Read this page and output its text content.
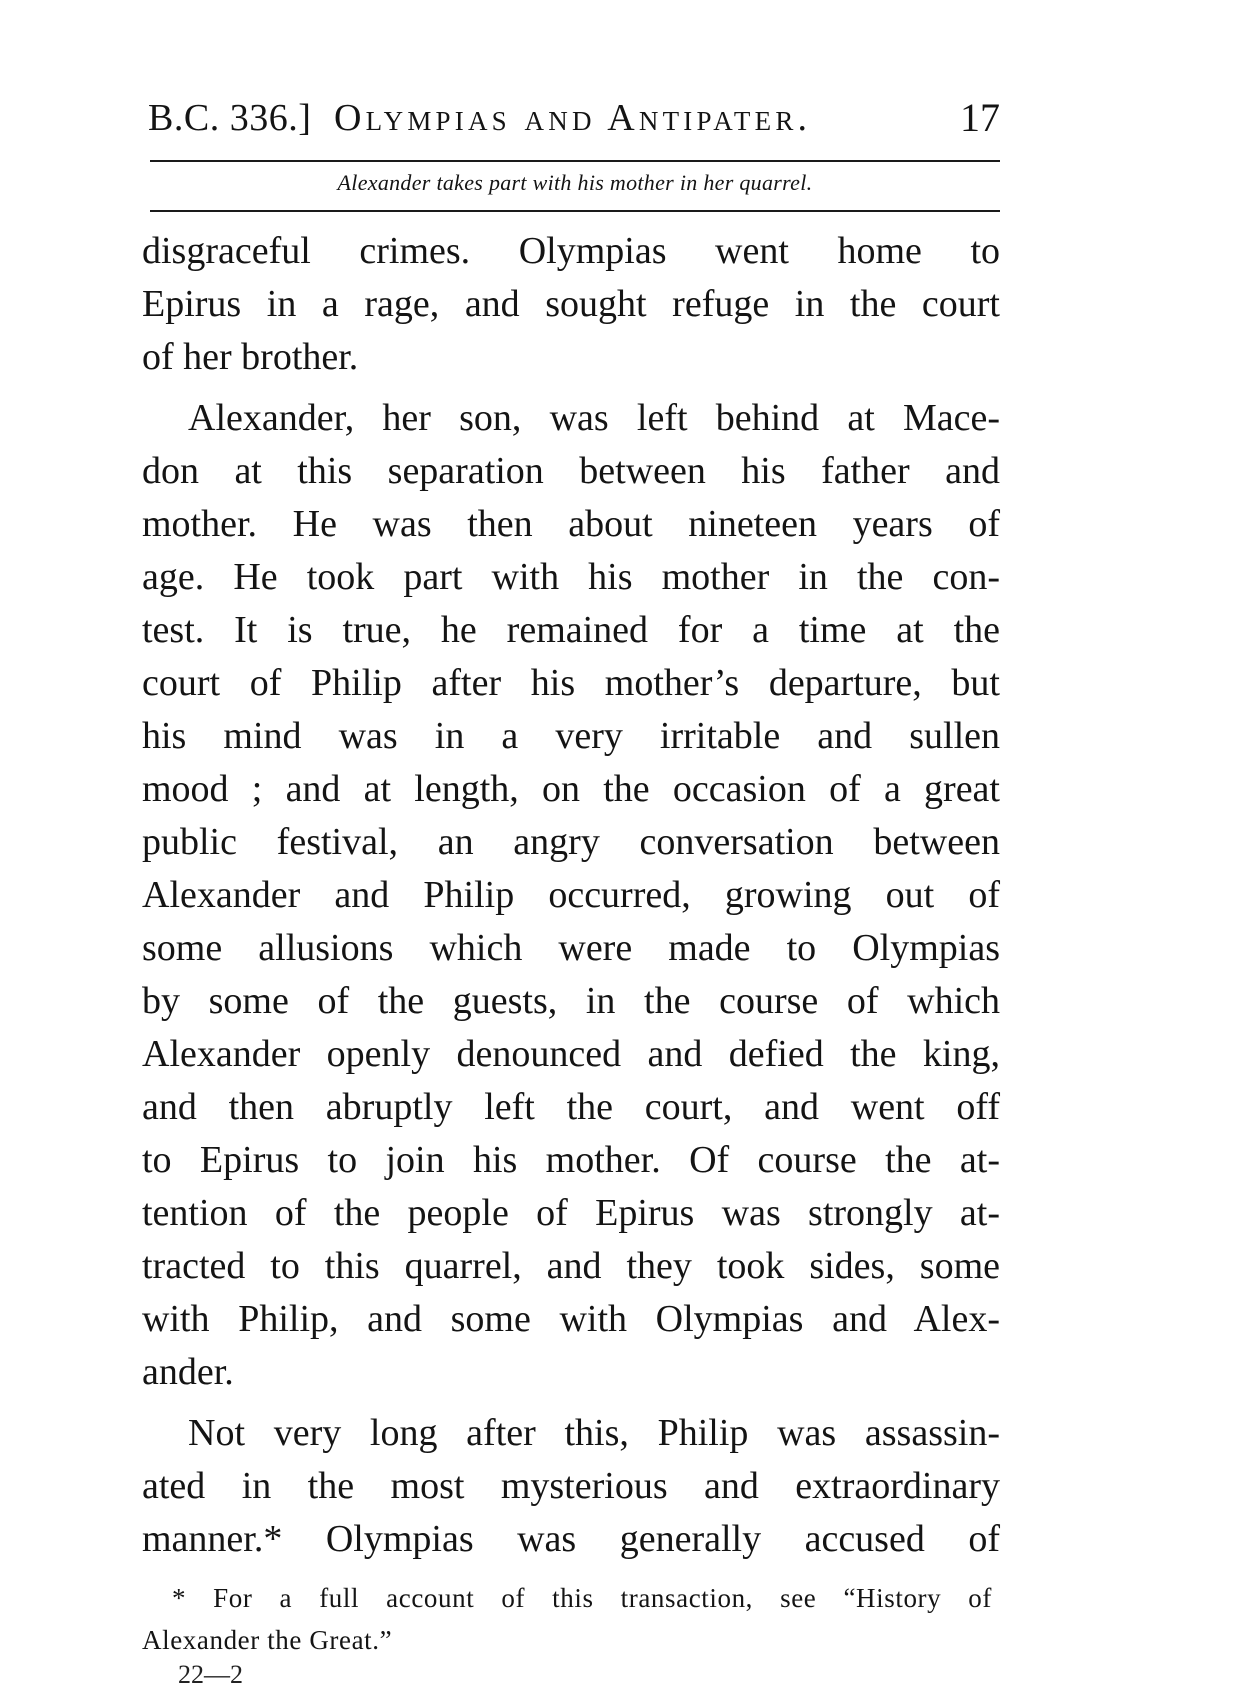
B.C. 336.] Olympias and Antipater.	17
Alexander takes part with his mother in her quarrel.
disgraceful crimes. Olympias went home to
Epirus in a rage, and sought refuge in the court
of her brother.
Alexander, her son, was left behind at Mace-
don at this separation between his father and
mother. He was then about nineteen years of
age. He took part with his mother in the con-
test. It is true, he remained for a time at the
court of Philip after his mother’s departure, but
his mind was in a very irritable and sullen
mood ; and at length, on the occasion of a great
public festival, an angry conversation between
Alexander and Philip occurred, growing out of
some allusions which were made to Olympias
by some of the guests, in the course of which
Alexander openly denounced and defied the king,
and then abruptly left the court, and went off
to Epirus to join his mother. Of course the at-
tention of the people of Epirus was strongly at-
tracted to this quarrel, and they took sides, some
with Philip, and some with Olympias and Alex-
ander.
Not very long after this, Philip was assassin-
ated in the most mysterious and extraordinary
manner.* Olympias was generally accused of
* For a full account of this transaction, see “History of
Alexander the Great.”
22—2
